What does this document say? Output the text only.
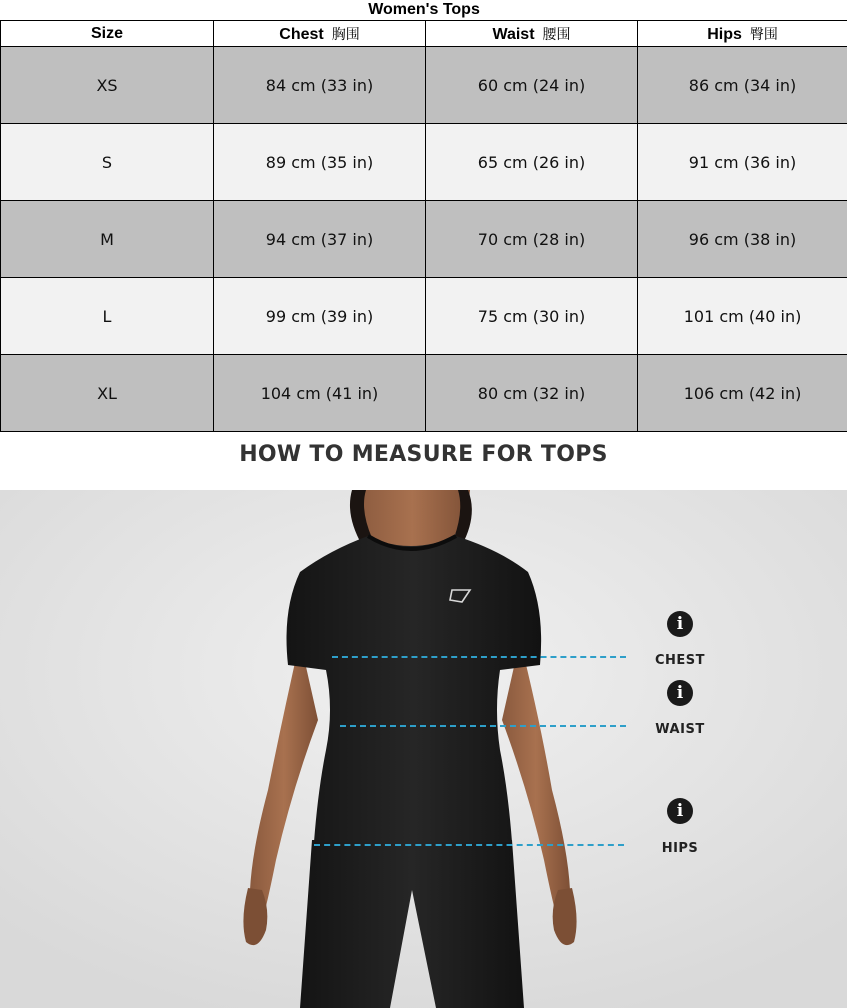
Women's Tops			
Size	Chest 胸围	Waist 腰围	Hips 臀围
XS	84 cm (33 in)	60 cm (24 in)	86 cm (34 in)
S	89 cm (35 in)	65 cm (26 in)	91 cm (36 in)
M	94 cm (37 in)	70 cm (28 in)	96 cm (38 in)
L	99 cm (39 in)	75 cm (30 in)	101 cm (40 in)
XL	104 cm (41 in)	80 cm (32 in)	106 cm (42 in)
HOW TO MEASURE FOR TOPS
i
CHEST
i
WAIST
i
HIPS
